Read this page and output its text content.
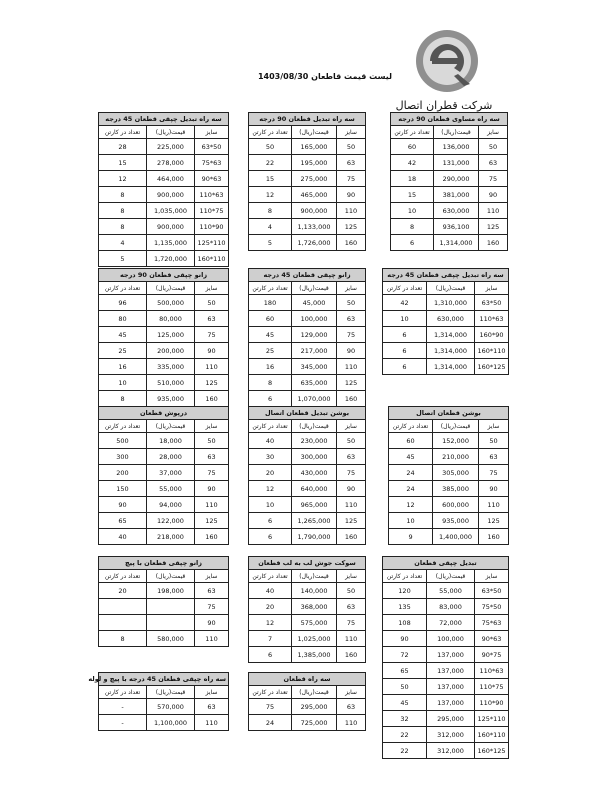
شرکت قطران اتصال
لیست قیمت قاطعان 1403/08/30
سه راه مساوی قطعان 90 درجه		
سایز	قیمت(ریال)	تعداد در کارتن
50	136,000	60
63	131,000	42
75	290,000	18
90	381,000	15
110	630,000	10
125	936,100	8
160	1,314,000	6
سه راه تبدیل قطعان 90 درجه		
سایز	قیمت(ریال)	تعداد در کارتن
50	165,000	50
63	195,000	22
75	275,000	15
90	465,000	12
110	900,000	8
125	1,133,000	4
160	1,726,000	5
سه راه تبدیل چپقی قطعان 45 درجه		
سایز	قیمت(ریال)	تعداد در کارتن
63*50	225,000	28
75*63	278,000	15
90*63	464,000	12
110*63	900,000	8
110*75	1,035,000	8
110*90	900,000	8
125*110	1,135,000	4
160*110	1,720,000	5
سه راه تبدیل چپقی قطعان 45 درجه		
سایز	قیمت(ریال)	تعداد در کارتن
63*50	1,310,000	42
110*63	630,000	10
160*90	1,314,000	6
160*110	1,314,000	6
160*125	1,314,000	6
زانو چپقی قطعان 45 درجه		
سایز	قیمت(ریال)	تعداد در کارتن
50	45,000	180
63	100,000	60
75	129,000	45
90	217,000	25
110	345,000	16
125	635,000	8
160	1,070,000	6
زانو چپقی قطعان 90 درجه		
سایز	قیمت(ریال)	تعداد در کارتن
50	500,000	96
63	80,000	80
75	125,000	45
90	200,000	25
110	335,000	16
125	510,000	10
160	935,000	8
بوشن قطعان اتصال		
سایز	قیمت(ریال)	تعداد در کارتن
50	152,000	60
63	210,000	45
75	305,000	24
90	385,000	24
110	600,000	12
125	935,000	10
160	1,400,000	9
بوشن تبدیل قطعان اتصال		
سایز	قیمت(ریال)	تعداد در کارتن
50	230,000	40
63	300,000	30
75	430,000	20
90	640,000	12
110	965,000	10
125	1,265,000	6
160	1,790,000	6
درپوش قطعان		
سایز	قیمت(ریال)	تعداد در کارتن
50	18,000	500
63	28,000	300
75	37,000	200
90	55,000	150
110	94,000	90
125	122,000	65
160	218,000	40
تبدیل چپقی قطعان		
سایز	قیمت(ریال)	تعداد در کارتن
63*50	55,000	120
75*50	83,000	135
75*63	72,000	108
90*63	100,000	90
90*75	137,000	72
110*63	137,000	65
110*75	137,000	50
110*90	137,000	45
125*110	295,000	32
160*110	312,000	22
160*125	312,000	22
سوکت جوش لب به لب قطعان		
سایز	قیمت(ریال)	تعداد در کارتن
50	140,000	40
63	368,000	20
75	575,000	12
110	1,025,000	7
160	1,385,000	6
زانو چپقی قطعان با پیچ		
سایز	قیمت(ریال)	تعداد در کارتن
63	198,000	20
75		
90		
110	580,000	8
سه راه قطعان		
سایز	قیمت(ریال)	تعداد در کارتن
63	295,000	75
110	725,000	24
سه راه چپقی قطعان 45 درجه با پیچ و لوله		
سایز	قیمت(ریال)	تعداد در کارتن
63	570,000	-
110	1,100,000	-
